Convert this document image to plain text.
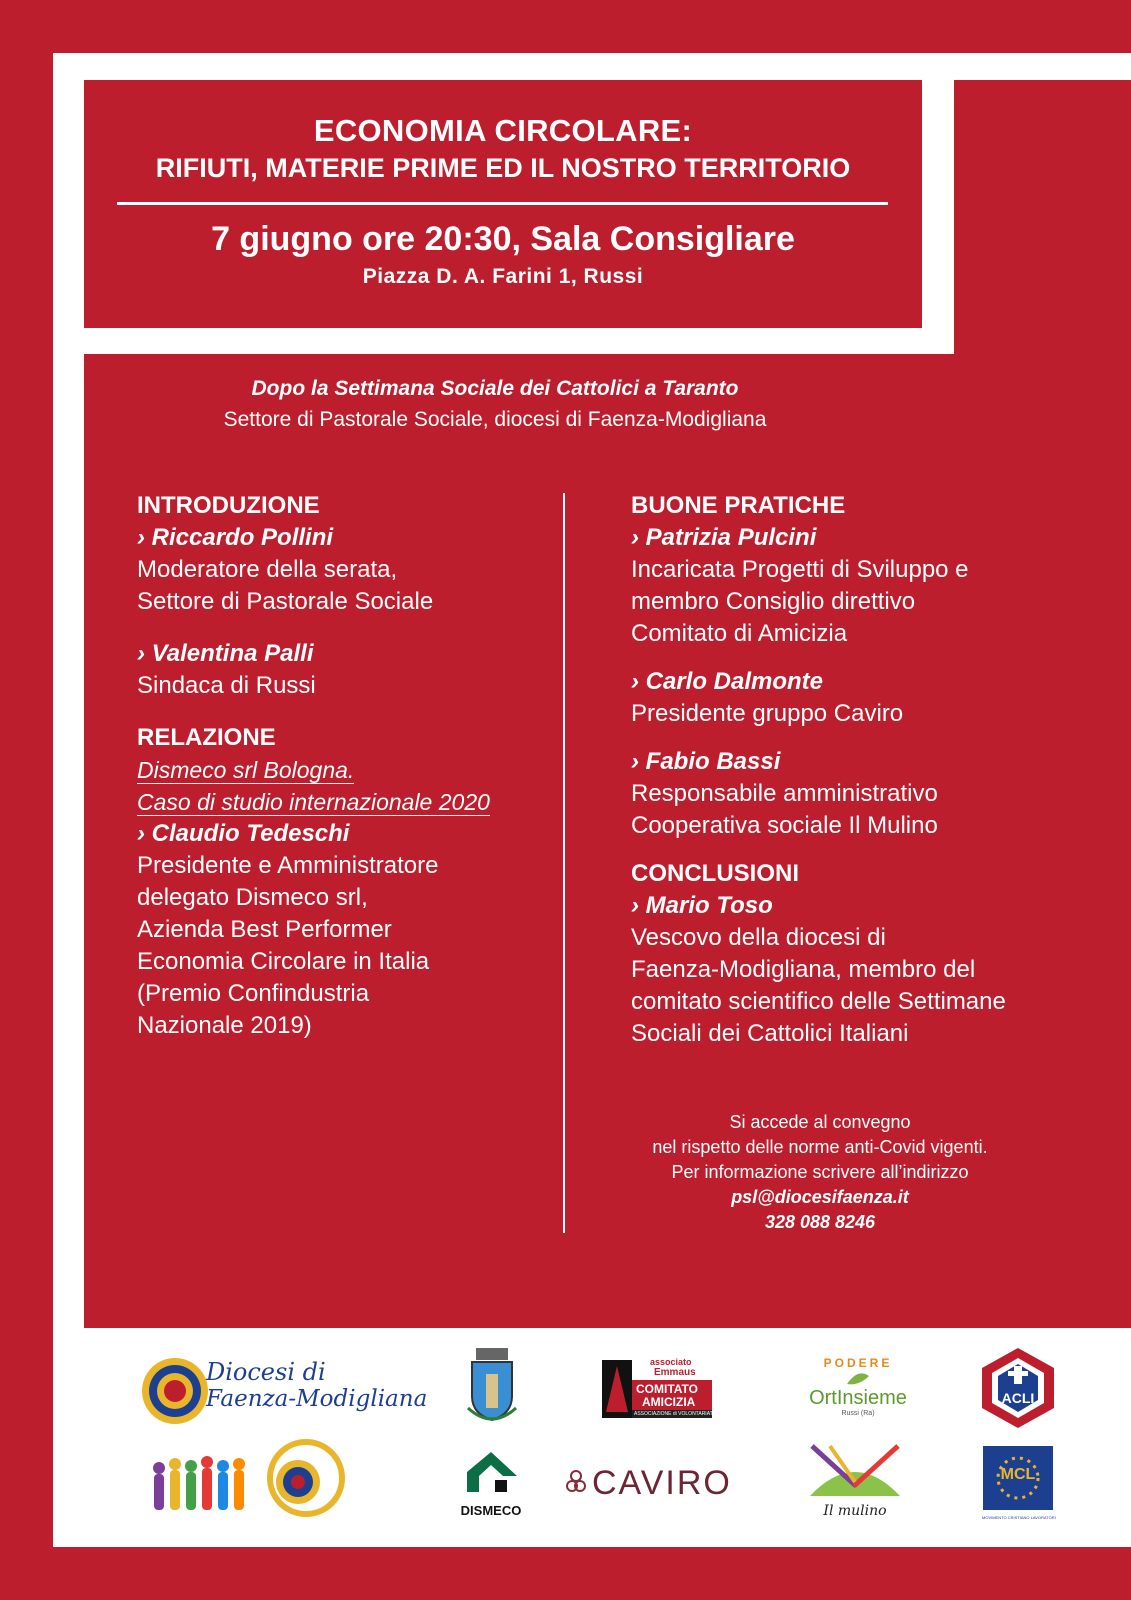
ECONOMIA CIRCOLARE:
RIFIUTI, MATERIE PRIME ED IL NOSTRO TERRITORIO
7 giugno ore 20:30, Sala Consigliare
Piazza D. A. Farini 1, Russi
Dopo la Settimana Sociale dei Cattolici a Taranto
Settore di Pastorale Sociale, diocesi di Faenza-Modigliana
INTRODUZIONE
› Riccardo Pollini
Moderatore della serata,
Settore di Pastorale Sociale
› Valentina Palli
Sindaca di Russi
RELAZIONE
Dismeco srl Bologna.
Caso di studio internazionale 2020
› Claudio Tedeschi
Presidente e Amministratore
delegato Dismeco srl,
Azienda Best Performer
Economia Circolare in Italia
(Premio Confindustria
Nazionale 2019)
BUONE PRATICHE
› Patrizia Pulcini
Incaricata Progetti di Sviluppo e
membro Consiglio direttivo
Comitato di Amicizia
› Carlo Dalmonte
Presidente gruppo Caviro
› Fabio Bassi
Responsabile amministrativo
Cooperativa sociale Il Mulino
CONCLUSIONI
› Mario Toso
Vescovo della diocesi di
Faenza-Modigliana, membro del
comitato scientifico delle Settimane
Sociali dei Cattolici Italiani
Si accede al convegno
nel rispetto delle norme anti-Covid vigenti.
Per informazione scrivere all’indirizzo
psl@diocesifaenza.it
328 088 8246
Diocesi di
Faenza-Modigliana
associato
Emmaus
COMITATO
AMICIZIA
ASSOCIAZIONE di VOLONTARIATO
PODERE
OrtInsieme
Russi (Ra)
ACLI
DISMECO
CAVIRO
Il mulino
MCL
MOVIMENTO CRISTIANO LAVORATORI
